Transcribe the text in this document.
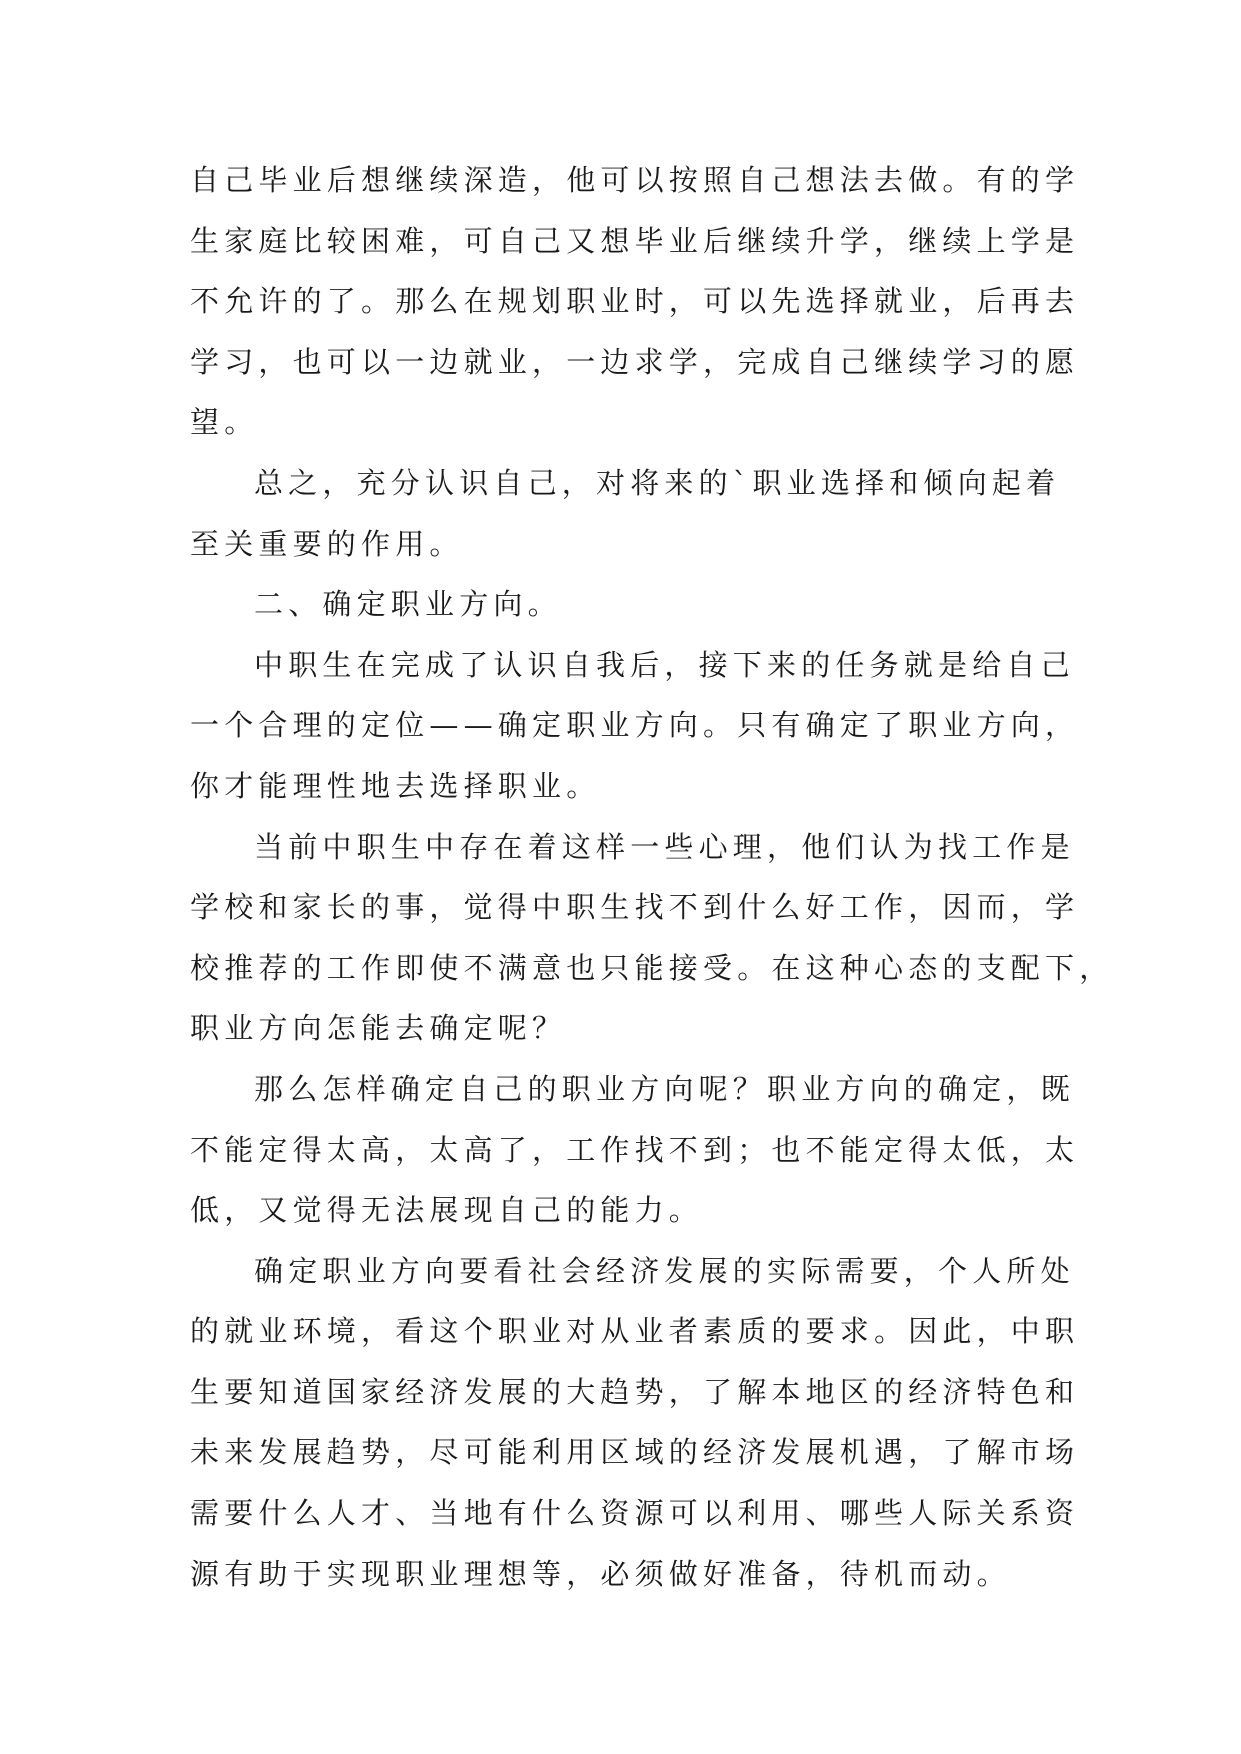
自己毕业后想继续深造，他可以按照自己想法去做。有的学
生家庭比较困难，可自己又想毕业后继续升学，继续上学是
不允许的了。那么在规划职业时，可以先选择就业，后再去
学习，也可以一边就业，一边求学，完成自己继续学习的愿
望。
总之，充分认识自己，对将来的`职业选择和倾向起着
至关重要的作用。
二、确定职业方向。
中职生在完成了认识自我后，接下来的任务就是给自己
一个合理的定位——确定职业方向。只有确定了职业方向，
你才能理性地去选择职业。
当前中职生中存在着这样一些心理，他们认为找工作是
学校和家长的事，觉得中职生找不到什么好工作，因而，学
校推荐的工作即使不满意也只能接受。在这种心态的支配下，
职业方向怎能去确定呢？
那么怎样确定自己的职业方向呢？职业方向的确定，既
不能定得太高，太高了，工作找不到；也不能定得太低，太
低，又觉得无法展现自己的能力。
确定职业方向要看社会经济发展的实际需要，个人所处
的就业环境，看这个职业对从业者素质的要求。因此，中职
生要知道国家经济发展的大趋势，了解本地区的经济特色和
未来发展趋势，尽可能利用区域的经济发展机遇，了解市场
需要什么人才、当地有什么资源可以利用、哪些人际关系资
源有助于实现职业理想等，必须做好准备，待机而动。
